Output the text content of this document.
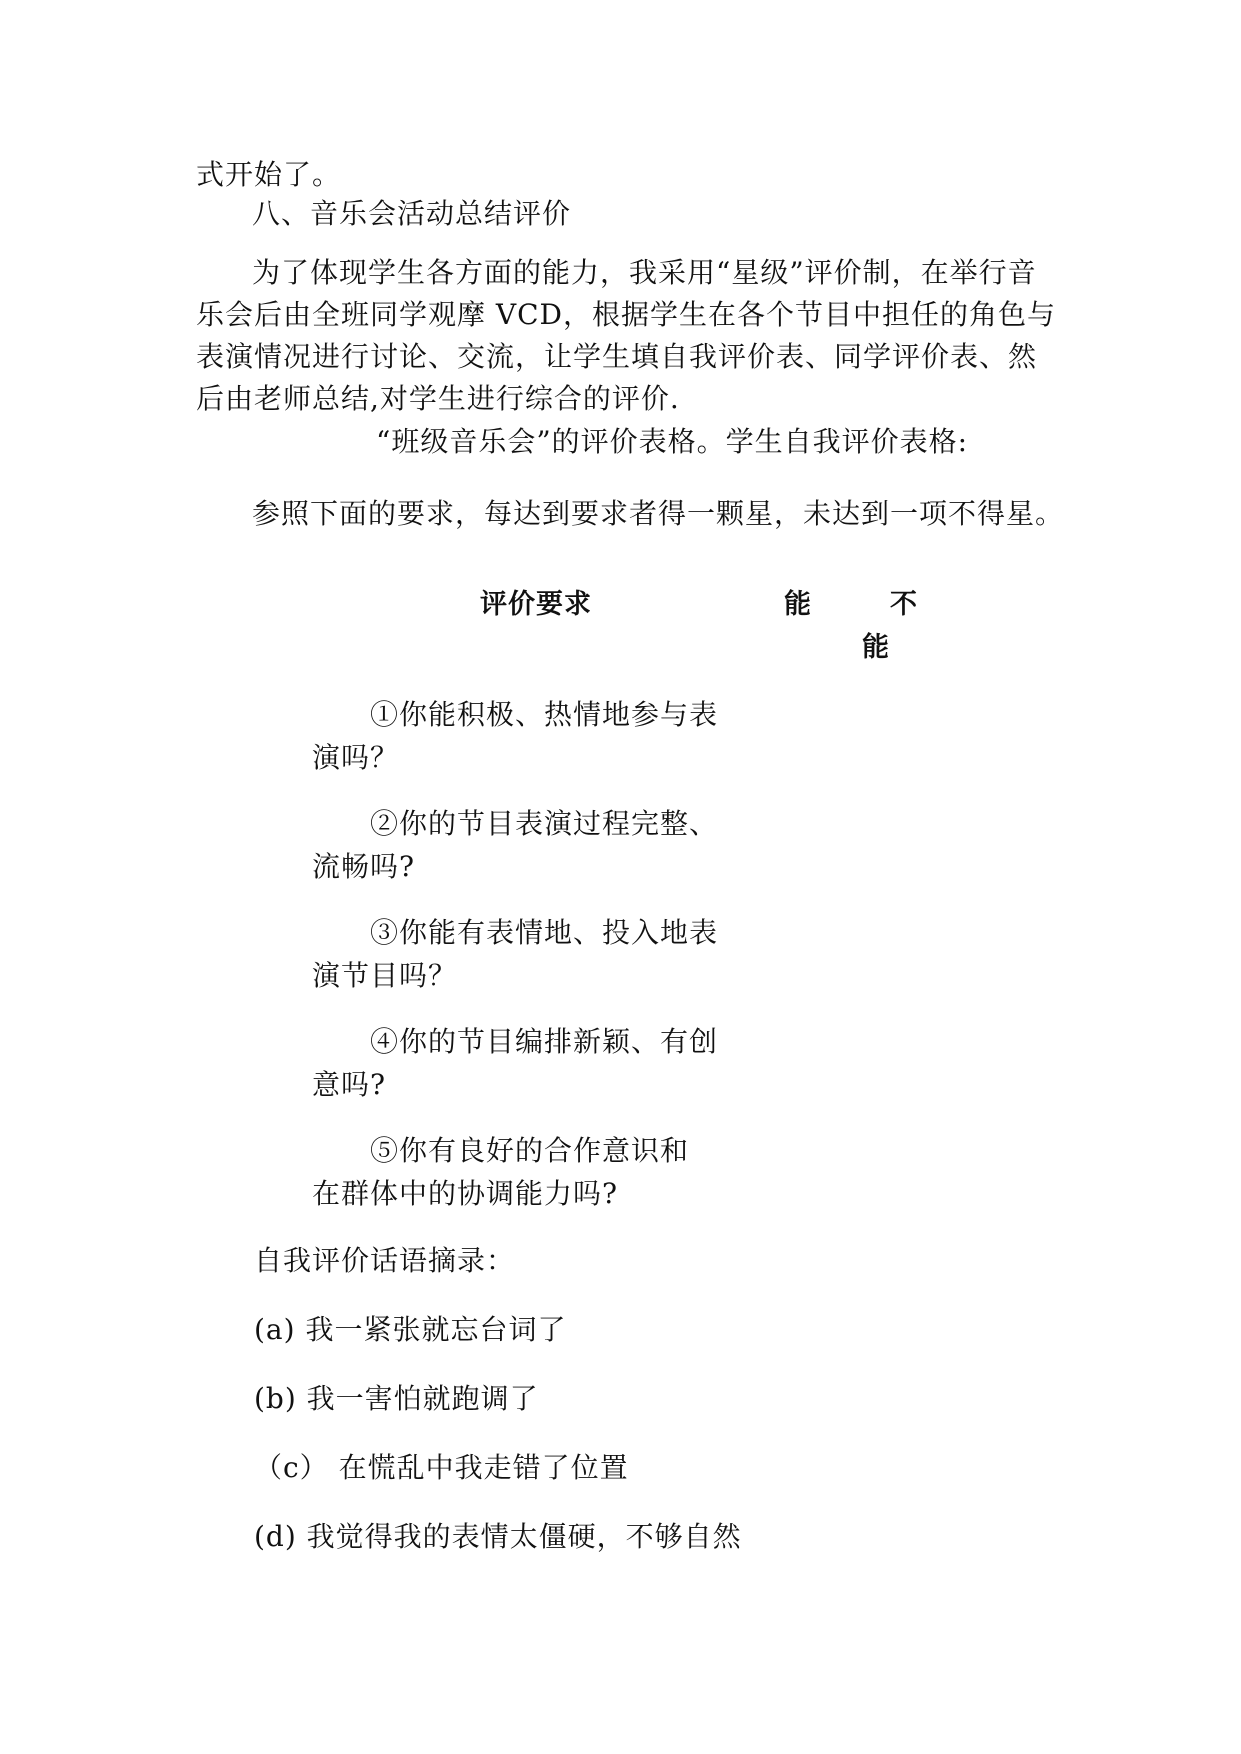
式开始了。
八、音乐会活动总结评价
为了体现学生各方面的能力，我采用“星级”评价制，在举行音
乐会后由全班同学观摩 VCD，根据学生在各个节目中担任的角色与
表演情况进行讨论、交流，让学生填自我评价表、同学评价表、然
后由老师总结,对学生进行综合的评价.
“班级音乐会”的评价表格。学生自我评价表格:
参照下面的要求，每达到要求者得一颗星，未达到一项不得星。
评价要求	能	不
能
①你能积极、热情地参与表
演吗？
②你的节目表演过程完整、
流畅吗?
③你能有表情地、投入地表
演节目吗？
④你的节目编排新颖、有创
意吗?
⑤你有良好的合作意识和
在群体中的协调能力吗?
自我评价话语摘录：
(a) 我一紧张就忘台词了
(b) 我一害怕就跑调了
（c） 在慌乱中我走错了位置
(d) 我觉得我的表情太僵硬，不够自然
